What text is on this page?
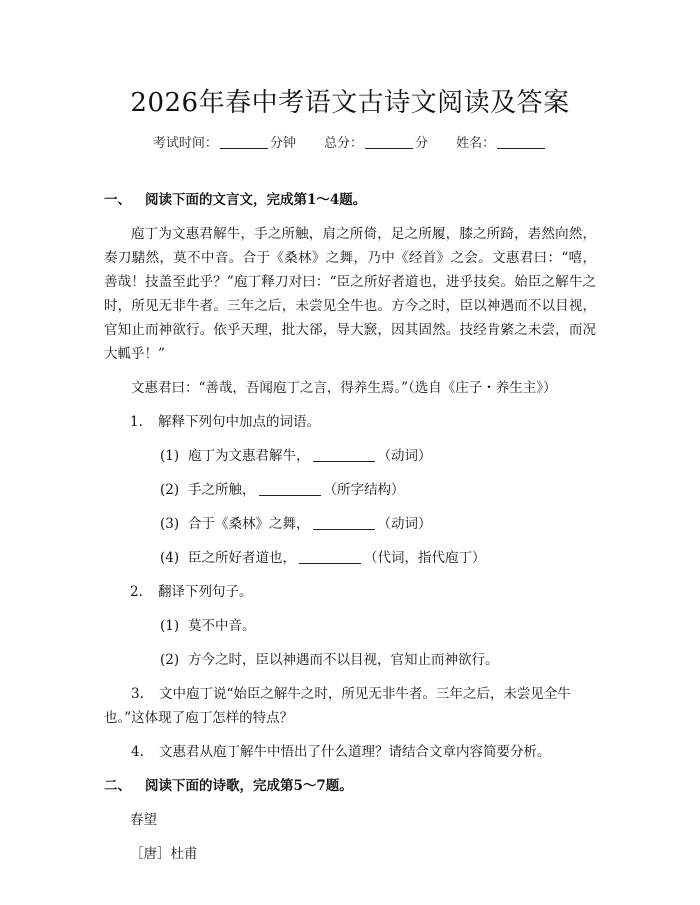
2026年春中考语文古诗文阅读及答案
考试时间：	分钟 总分：	分 姓名：
一、 阅读下面的文言文，完成第1～4题。
庖丁为文惠君解牛，手之所触，肩之所倚，足之所履，膝之所踦，砉然向然，奏刀騞然，莫不中音。合于《桑林》之舞，乃中《经首》之会。文惠君曰：“嘻，善哉！技盖至此乎？”庖丁释刀对曰：“臣之所好者道也，进乎技矣。始臣之解牛之时，所见无非牛者。三年之后，未尝见全牛也。方今之时，臣以神遇而不以目视，官知止而神欲行。依乎天理，批大郤，导大窾，因其固然。技经肯綮之未尝，而况大軱乎！”
文惠君曰：“善哉，吾闻庖丁之言，得养生焉。”（选自《庄子・养生主》）
1. 解释下列句中加点的词语。
(1) 庖丁为文惠君解牛，	（动词）
(2) 手之所触，	（所字结构）
(3) 合于《桑林》之舞，	（动词）
(4) 臣之所好者道也，	（代词，指代庖丁）
2. 翻译下列句子。
(1) 莫不中音。
(2) 方今之时，臣以神遇而不以目视，官知止而神欲行。
3. 文中庖丁说“始臣之解牛之时，所见无非牛者。三年之后，未尝见全牛也。”这体现了庖丁怎样的特点？
4. 文惠君从庖丁解牛中悟出了什么道理？请结合文章内容简要分析。
二、 阅读下面的诗歌，完成第5～7题。
春望
［唐］杜甫
